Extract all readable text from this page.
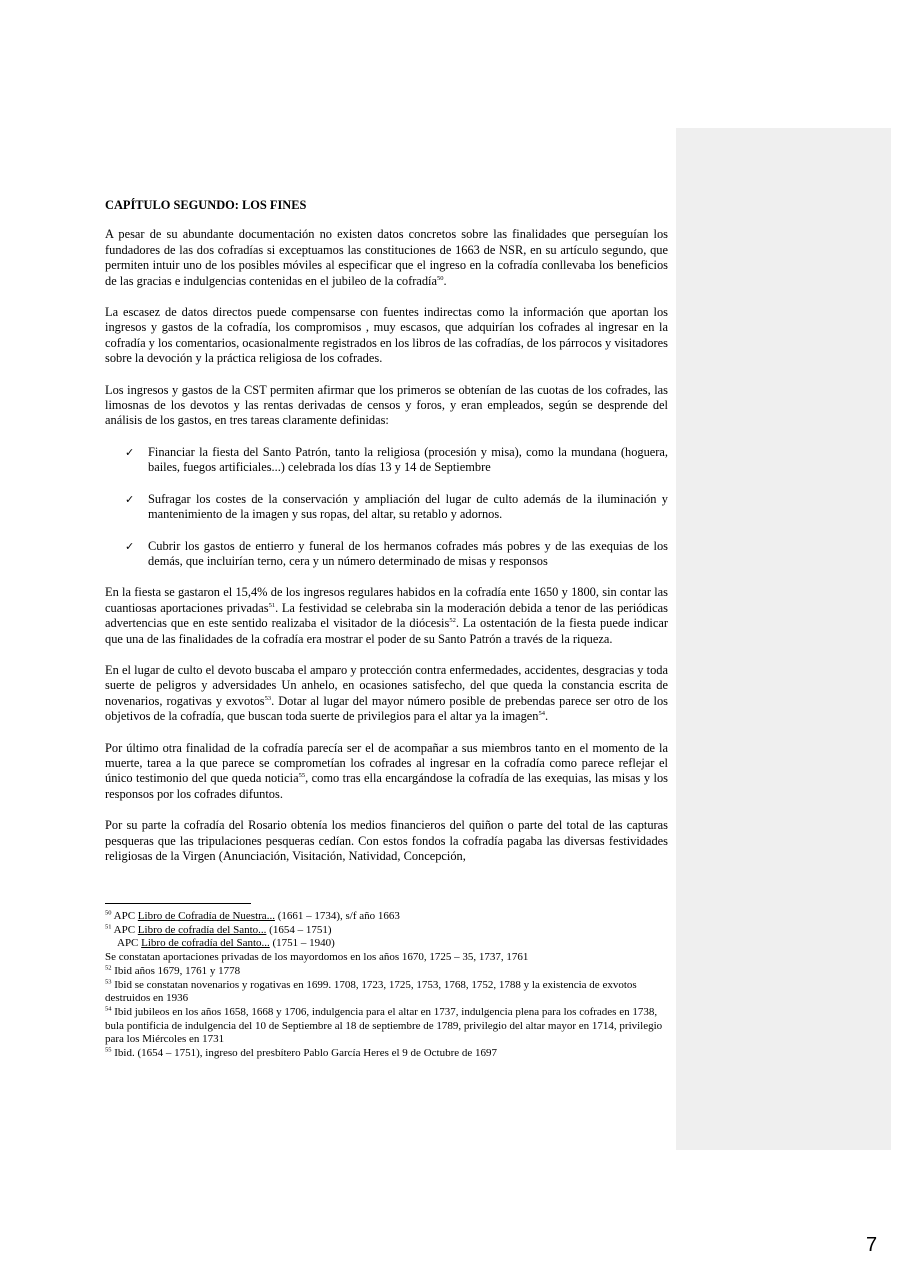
CAPÍTULO SEGUNDO: LOS FINES

A pesar de su abundante documentación no existen datos concretos sobre las finalidades que perseguían los fundadores de las dos cofradías si exceptuamos las constituciones de 1663 de NSR, en su artículo segundo, que permiten intuir uno de los posibles móviles al especificar que el ingreso en la cofradía conllevaba los beneficios de las gracias e indulgencias contenidas en el jubileo de la cofradía$^{50}$.

La escasez de datos directos puede compensarse con fuentes indirectas como la información que aportan los ingresos y gastos de la cofradía, los compromisos , muy escasos, que adquirían los cofrades al ingresar en la cofradía y los comentarios, ocasionalmente registrados en los libros de las cofradías, de los párrocos y visitadores sobre la devoción y la práctica religiosa de los cofrades.

Los ingresos y gastos de la CST permiten afirmar que los primeros se obtenían de las cuotas de los cofrades, las limosnas de los devotos y las rentas derivadas de censos y foros, y eran empleados, según se desprende del análisis de los gastos, en tres tareas claramente definidas:

✓ Financiar la fiesta del Santo Patrón, tanto la religiosa (procesión y misa), como la mundana (hoguera, bailes, fuegos artificiales...) celebrada los días 13 y 14 de Septiembre
✓ Sufragar los costes de la conservación y ampliación del lugar de culto además de la iluminación y mantenimiento de la imagen y sus ropas, del altar, su retablo y adornos.
✓ Cubrir los gastos de entierro y funeral de los hermanos cofrades más pobres y de las exequias de los demás, que incluirían terno, cera y un número determinado de misas y responsos

En la fiesta se gastaron el 15,4% de los ingresos regulares habidos en la cofradía ente 1650 y 1800, sin contar las cuantiosas aportaciones privadas$^{51}$. La festividad se celebraba sin la moderación debida a tenor de las periódicas advertencias que en este sentido realizaba el visitador de la diócesis$^{52}$. La ostentación de la fiesta puede indicar que una de las finalidades de la cofradía era mostrar el poder de su Santo Patrón a través de la riqueza.

En el lugar de culto el devoto buscaba el amparo y protección contra enfermedades, accidentes, desgracias y toda suerte de peligros y adversidades Un anhelo, en ocasiones satisfecho, del que queda la constancia escrita de novenarios, rogativas y exvotos$^{53}$. Dotar al lugar del mayor número posible de prebendas parece ser otro de los objetivos de la cofradía, que buscan toda suerte de privilegios para el altar ya la imagen$^{54}$.

Por último otra finalidad de la cofradía parecía ser el de acompañar a sus miembros tanto en el momento de la muerte, tarea a la que parece se comprometían los cofrades al ingresar en la cofradía como parece reflejar el único testimonio del que queda noticia$^{55}$, como tras ella encargándose la cofradía de las exequias, las misas y los responsos por los cofrades difuntos.

Por su parte la cofradía del Rosario obtenía los medios financieros del quiñon o parte del total de las capturas pesqueras que las tripulaciones pesqueras cedían. Con estos fondos la cofradía pagaba las diversas festividades religiosas de la Virgen (Anunciación, Visitación, Natividad, Concepción,

$^{50}$ APC Libro de Cofradía de Nuestra... (1661 – 1734), s/f año 1663

$^{51}$ APC Libro de cofradía del Santo... (1654 – 1751)

APC Libro de cofradía del Santo... (1751 – 1940)

Se constatan aportaciones privadas de los mayordomos en los años 1670, 1725 – 35, 1737, 1761

$^{52}$ Ibid años 1679, 1761 y 1778

$^{53}$ Ibid se constatan novenarios y rogativas en 1699. 1708, 1723, 1725, 1753, 1768, 1752, 1788 y la existencia de exvotos destruidos en 1936

$^{54}$ Ibid jubileos en los años 1658, 1668 y 1706, indulgencia para el altar en 1737, indulgencia plena para los cofrades en 1738, bula pontificia de indulgencia del 10 de Septiembre al 18 de septiembre de 1789, privilegio del altar mayor en 1714, privilegio para los Miércoles en 1731

$^{55}$ Ibid. (1654 – 1751), ingreso del presbítero Pablo García Heres el 9 de Octubre de 1697

7
